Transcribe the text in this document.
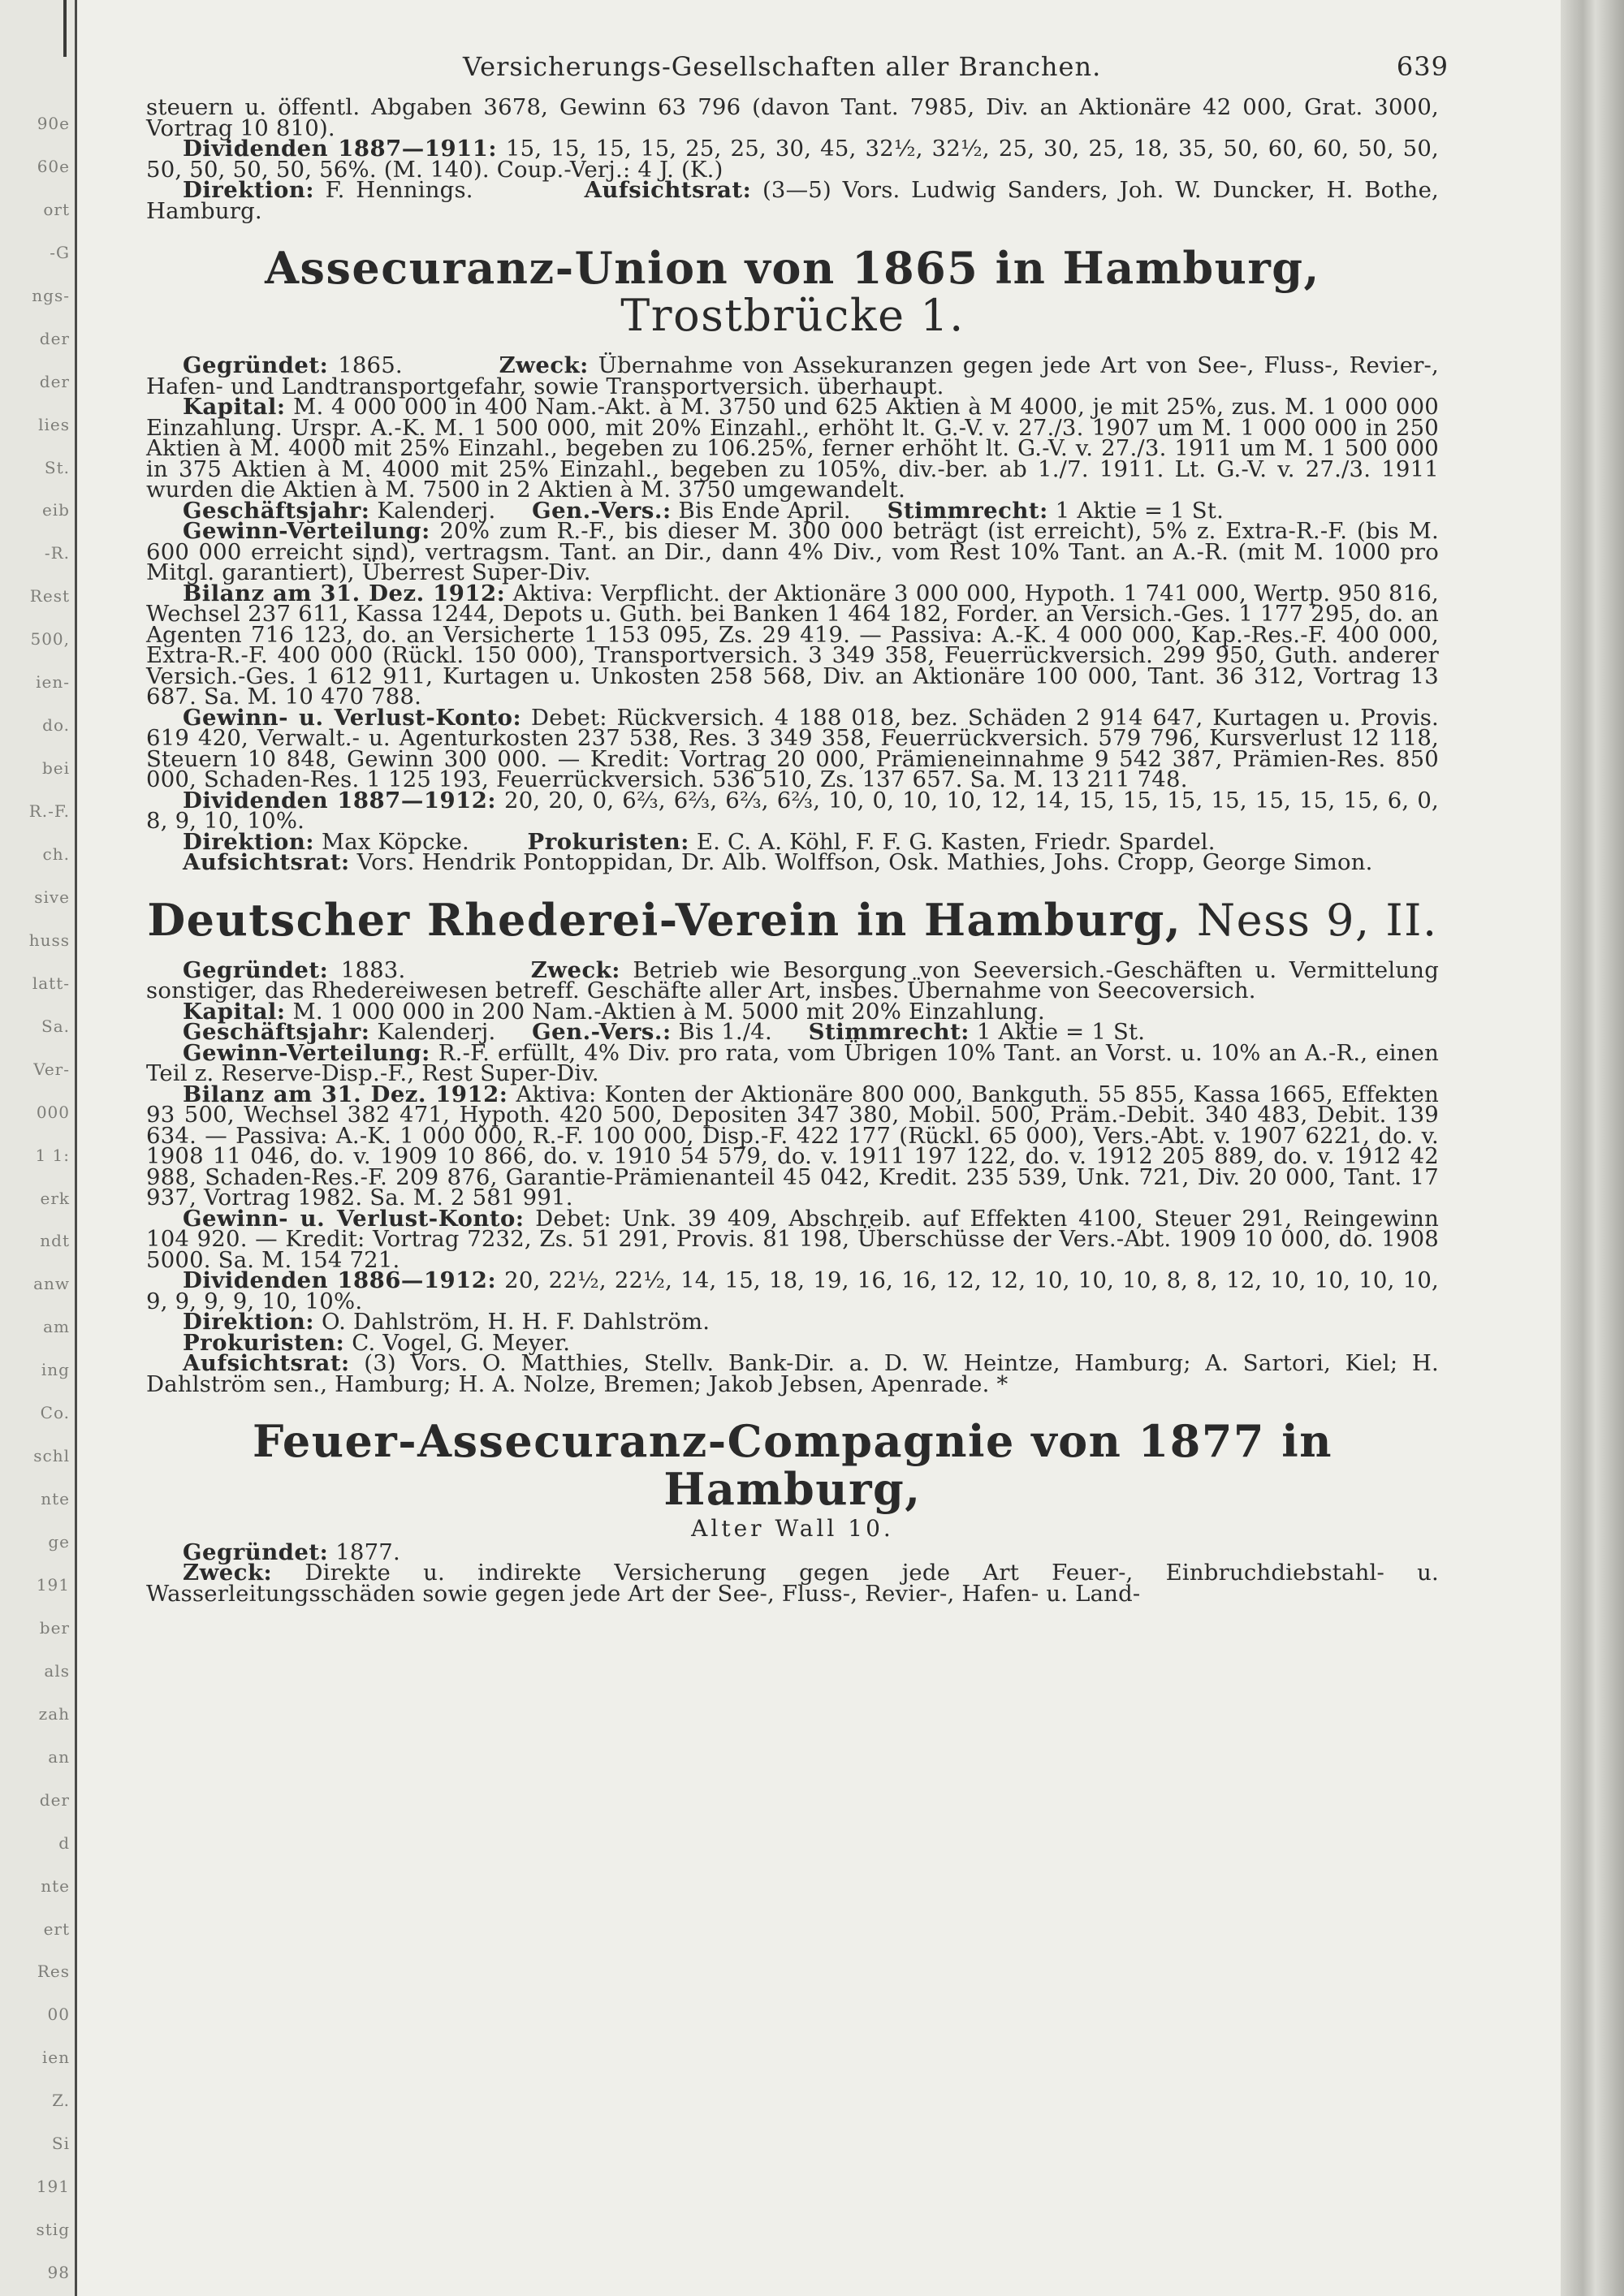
90e
60e
ort
-G
ngs-
der
der
lies
St.
eib
-R.
Rest
500,
ien-
do.
bei
R.-F.
ch.
sive
huss
latt-
Sa.
Ver-
000
1 1:
erk
ndt
anw
am
ing
Co.
schl
nte
ge
191
ber
als
zah
an
der
d
nte
ert
Res
00
ien
Z.
Si
191
stig
98
Versicherungs-Gesellschaften aller Branchen.	639

steuern u. öffentl. Abgaben 3678, Gewinn 63 796 (davon Tant. 7985, Div. an Aktionäre 42 000, Grat. 3000, Vortrag 10 810).

Dividenden 1887—1911: 15, 15, 15, 15, 25, 25, 30, 45, 32½, 32½, 25, 30, 25, 18, 35, 50, 60, 60, 50, 50, 50, 50, 50, 50, 56%. (M. 140). Coup.-Verj.: 4 J. (K.)

Direktion: F. Hennings.	Aufsichtsrat: (3—5) Vors. Ludwig Sanders, Joh. W. Duncker, H. Bothe, Hamburg.

Assecuranz-Union von 1865 in Hamburg, Trostbrücke 1.

Gegründet: 1865.	Zweck: Übernahme von Assekuranzen gegen jede Art von See-, Fluss-, Revier-, Hafen- und Landtransportgefahr, sowie Transportversich. überhaupt.

Kapital: M. 4 000 000 in 400 Nam.-Akt. à M. 3750 und 625 Aktien à M 4000, je mit 25%, zus. M. 1 000 000 Einzahlung. Urspr. A.-K. M. 1 500 000, mit 20% Einzahl., erhöht lt. G.-V. v. 27./3. 1907 um M. 1 000 000 in 250 Aktien à M. 4000 mit 25% Einzahl., begeben zu 106.25%, ferner erhöht lt. G.-V. v. 27./3. 1911 um M. 1 500 000 in 375 Aktien à M. 4000 mit 25% Einzahl., begeben zu 105%, div.-ber. ab 1./7. 1911. Lt. G.-V. v. 27./3. 1911 wurden die Aktien à M. 7500 in 2 Aktien à M. 3750 umgewandelt.

Geschäftsjahr: Kalenderj. Gen.-Vers.: Bis Ende April. Stimmrecht: 1 Aktie = 1 St.

Gewinn-Verteilung: 20% zum R.-F., bis dieser M. 300 000 beträgt (ist erreicht), 5% z. Extra-R.-F. (bis M. 600 000 erreicht sind), vertragsm. Tant. an Dir., dann 4% Div., vom Rest 10% Tant. an A.-R. (mit M. 1000 pro Mitgl. garantiert), Überrest Super-Div.

Bilanz am 31. Dez. 1912: Aktiva: Verpflicht. der Aktionäre 3 000 000, Hypoth. 1 741 000, Wertp. 950 816, Wechsel 237 611, Kassa 1244, Depots u. Guth. bei Banken 1 464 182, Forder. an Versich.-Ges. 1 177 295, do. an Agenten 716 123, do. an Versicherte 1 153 095, Zs. 29 419. — Passiva: A.-K. 4 000 000, Kap.-Res.-F. 400 000, Extra-R.-F. 400 000 (Rückl. 150 000), Transportversich. 3 349 358, Feuerrückversich. 299 950, Guth. anderer Versich.-Ges. 1 612 911, Kurtagen u. Unkosten 258 568, Div. an Aktionäre 100 000, Tant. 36 312, Vortrag 13 687. Sa. M. 10 470 788.

Gewinn- u. Verlust-Konto: Debet: Rückversich. 4 188 018, bez. Schäden 2 914 647, Kurtagen u. Provis. 619 420, Verwalt.- u. Agenturkosten 237 538, Res. 3 349 358, Feuerrückversich. 579 796, Kursverlust 12 118, Steuern 10 848, Gewinn 300 000. — Kredit: Vortrag 20 000, Prämieneinnahme 9 542 387, Prämien-Res. 850 000, Schaden-Res. 1 125 193, Feuerrückversich. 536 510, Zs. 137 657. Sa. M. 13 211 748.

Dividenden 1887—1912: 20, 20, 0, 6⅔, 6⅔, 6⅔, 6⅔, 10, 0, 10, 10, 12, 14, 15, 15, 15, 15, 15, 15, 15, 6, 0, 8, 9, 10, 10%.

Direktion: Max Köpcke.	Prokuristen: E. C. A. Köhl, F. F. G. Kasten, Friedr. Spardel.

Aufsichtsrat: Vors. Hendrik Pontoppidan, Dr. Alb. Wolffson, Osk. Mathies, Johs. Cropp, George Simon.

Deutscher Rhederei-Verein in Hamburg, Ness 9, II.

Gegründet: 1883.	Zweck: Betrieb wie Besorgung von Seeversich.-Geschäften u. Vermittelung sonstiger, das Rhedereiwesen betreff. Geschäfte aller Art, insbes. Übernahme von Seecoversich.

Kapital: M. 1 000 000 in 200 Nam.-Aktien à M. 5000 mit 20% Einzahlung.

Geschäftsjahr: Kalenderj. Gen.-Vers.: Bis 1./4. Stimmrecht: 1 Aktie = 1 St.

Gewinn-Verteilung: R.-F. erfüllt, 4% Div. pro rata, vom Übrigen 10% Tant. an Vorst. u. 10% an A.-R., einen Teil z. Reserve-Disp.-F., Rest Super-Div.

Bilanz am 31. Dez. 1912: Aktiva: Konten der Aktionäre 800 000, Bankguth. 55 855, Kassa 1665, Effekten 93 500, Wechsel 382 471, Hypoth. 420 500, Depositen 347 380, Mobil. 500, Präm.-Debit. 340 483, Debit. 139 634. — Passiva: A.-K. 1 000 000, R.-F. 100 000, Disp.-F. 422 177 (Rückl. 65 000), Vers.-Abt. v. 1907 6221, do. v. 1908 11 046, do. v. 1909 10 866, do. v. 1910 54 579, do. v. 1911 197 122, do. v. 1912 205 889, do. v. 1912 42 988, Schaden-Res.-F. 209 876, Garantie-Prämienanteil 45 042, Kredit. 235 539, Unk. 721, Div. 20 000, Tant. 17 937, Vortrag 1982. Sa. M. 2 581 991.

Gewinn- u. Verlust-Konto: Debet: Unk. 39 409, Abschreib. auf Effekten 4100, Steuer 291, Reingewinn 104 920. — Kredit: Vortrag 7232, Zs. 51 291, Provis. 81 198, Überschüsse der Vers.-Abt. 1909 10 000, do. 1908 5000. Sa. M. 154 721.

Dividenden 1886—1912: 20, 22½, 22½, 14, 15, 18, 19, 16, 16, 12, 12, 10, 10, 10, 8, 8, 12, 10, 10, 10, 10, 9, 9, 9, 9, 10, 10%.

Direktion: O. Dahlström, H. H. F. Dahlström.

Prokuristen: C. Vogel, G. Meyer.

Aufsichtsrat: (3) Vors. O. Matthies, Stellv. Bank-Dir. a. D. W. Heintze, Hamburg; A. Sartori, Kiel; H. Dahlström sen., Hamburg; H. A. Nolze, Bremen; Jakob Jebsen, Apenrade. *

Feuer-Assecuranz-Compagnie von 1877 in Hamburg,

Alter Wall 10.

Gegründet: 1877.

Zweck: Direkte u. indirekte Versicherung gegen jede Art Feuer-, Einbruchdiebstahl- u. Wasserleitungsschäden sowie gegen jede Art der See-, Fluss-, Revier-, Hafen- u. Land-
